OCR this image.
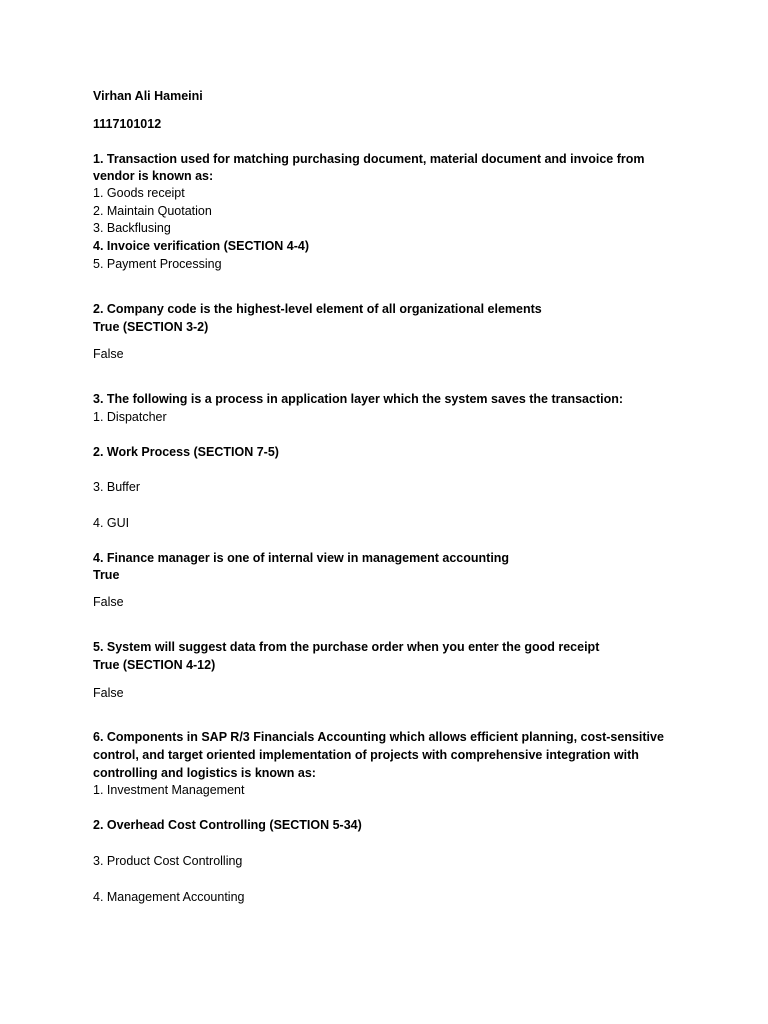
Virhan Ali Hameini
1117101012
1. Transaction used for matching purchasing document, material document and invoice from
vendor is known as:
1. Goods receipt
2. Maintain Quotation
3. Backflusing
4. Invoice verification (SECTION 4-4)
5. Payment Processing
2. Company code is the highest-level element of all organizational elements
True (SECTION 3-2)
False
3. The following is a process in application layer which the system saves the transaction:
1. Dispatcher
2. Work Process (SECTION 7-5)
3. Buffer
4. GUI
4. Finance manager is one of internal view in management accounting
True
False
5. System will suggest data from the purchase order when you enter the good receipt
True (SECTION 4-12)
False
6. Components in SAP R/3 Financials Accounting which allows efficient planning, cost-sensitive
control, and target oriented implementation of projects with comprehensive integration with
controlling and logistics is known as:
1. Investment Management
2. Overhead Cost Controlling (SECTION 5-34)
3. Product Cost Controlling
4. Management Accounting
